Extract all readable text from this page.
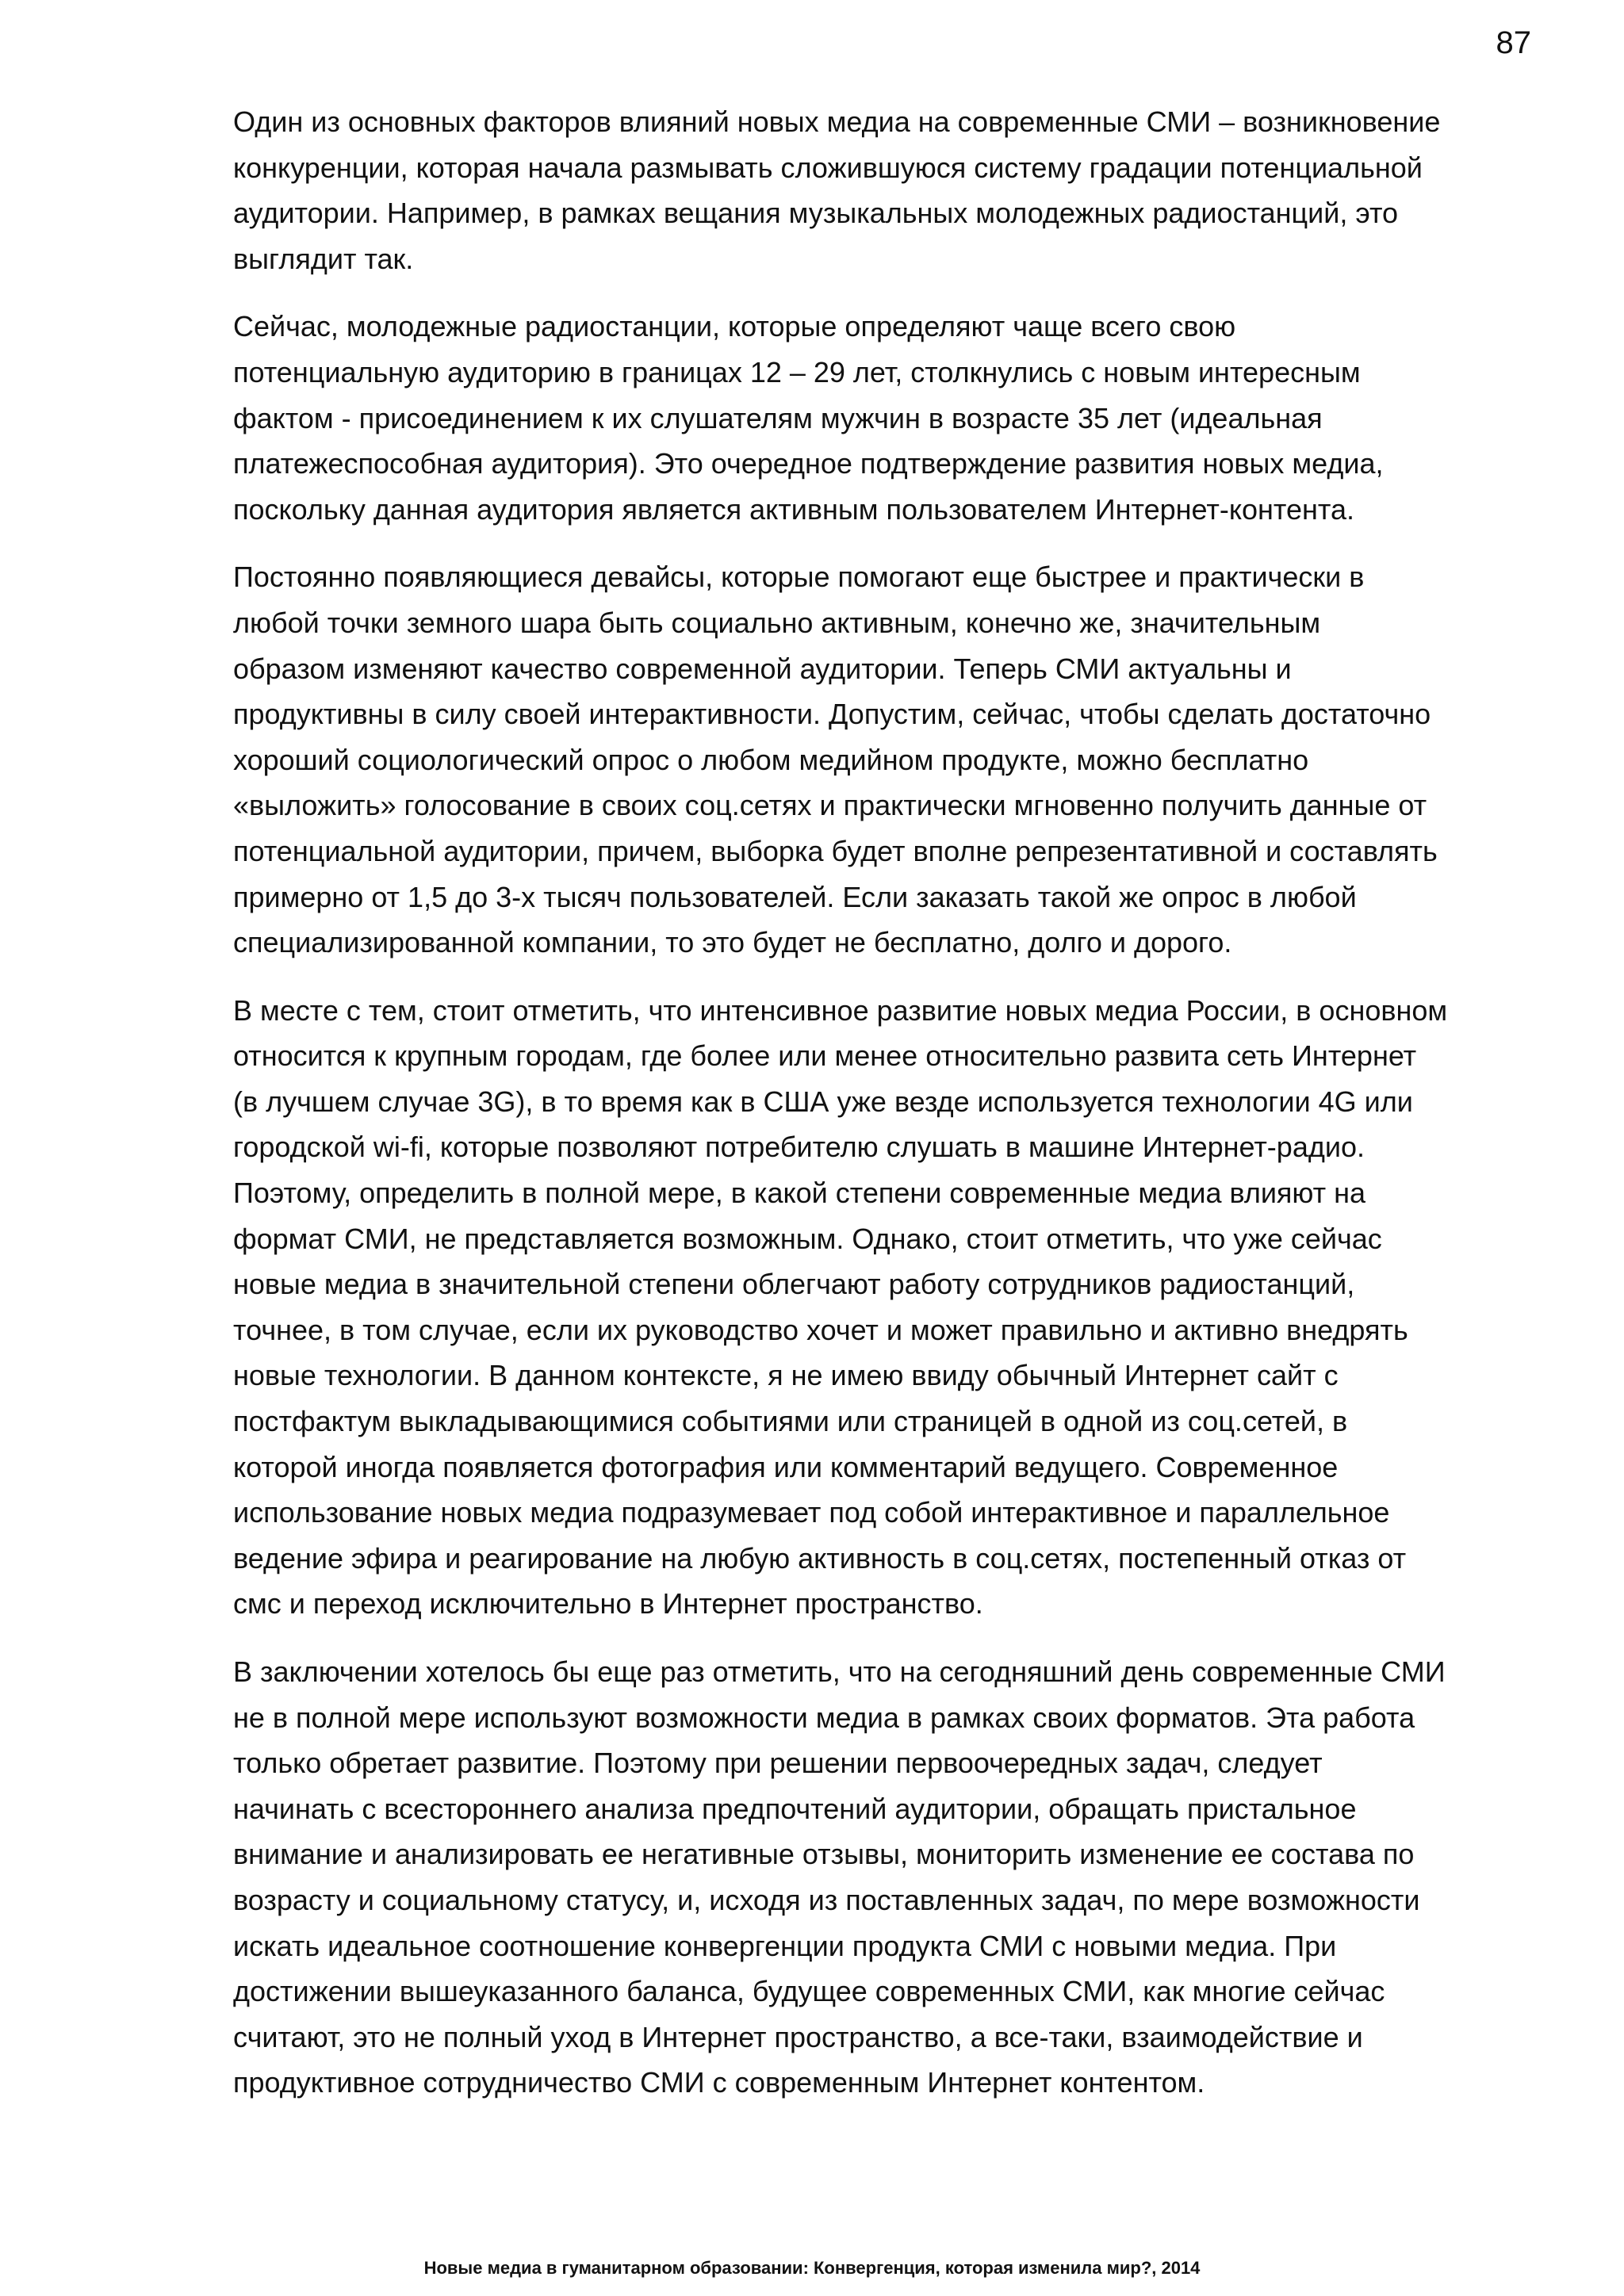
87

Один из основных факторов влияний новых медиа на современные СМИ – возникновение
конкуренции, которая начала размывать сложившуюся систему градации потенциальной
аудитории. Например, в рамках вещания музыкальных молодежных радиостанций, это
выглядит так.

Сейчас, молодежные радиостанции, которые определяют чаще всего свою
потенциальную аудиторию в границах 12 – 29 лет, столкнулись с новым интересным
фактом - присоединением к их слушателям мужчин в возрасте 35 лет (идеальная
платежеспособная аудитория). Это очередное подтверждение развития новых медиа,
поскольку данная аудитория является активным пользователем Интернет-контента.

Постоянно появляющиеся девайсы, которые помогают еще быстрее и практически в
любой точки земного шара быть социально активным, конечно же, значительным
образом изменяют качество современной аудитории. Теперь СМИ актуальны и
продуктивны в силу своей интерактивности. Допустим, сейчас, чтобы сделать достаточно
хороший социологический опрос о любом медийном продукте, можно бесплатно
«выложить» голосование в своих соц.сетях и практически мгновенно получить данные от
потенциальной аудитории, причем, выборка будет вполне репрезентативной и составлять
примерно от 1,5 до 3-х тысяч пользователей. Если заказать такой же опрос в любой
специализированной компании, то это будет не бесплатно, долго и дорого.

В месте с тем, стоит отметить, что интенсивное развитие новых медиа России, в основном
относится к крупным городам, где более или менее относительно развита сеть Интернет
(в лучшем случае 3G), в то время как в США уже везде используется технологии 4G или
городской wi-fi, которые позволяют потребителю слушать в машине Интернет-радио.
Поэтому, определить в полной мере, в какой степени современные медиа влияют на
формат СМИ, не представляется возможным. Однако, стоит отметить, что уже сейчас
новые медиа в значительной степени облегчают работу сотрудников радиостанций,
точнее, в том случае, если их руководство хочет и может правильно и активно внедрять
новые технологии. В данном контексте, я не имею ввиду обычный Интернет сайт с
постфактум выкладывающимися событиями или страницей в одной из соц.сетей, в
которой иногда появляется фотография или комментарий ведущего. Современное
использование новых медиа подразумевает под собой интерактивное и параллельное
ведение эфира и реагирование на любую активность в соц.сетях, постепенный отказ от
смс и переход исключительно в Интернет пространство.

В заключении хотелось бы еще раз отметить, что на сегодняшний день современные СМИ
не в полной мере используют возможности медиа в рамках своих форматов. Эта работа
только обретает развитие. Поэтому при решении первоочередных задач, следует
начинать с всестороннего анализа предпочтений аудитории, обращать пристальное
внимание и анализировать ее негативные отзывы, мониторить изменение ее состава по
возрасту и социальному статусу, и, исходя из поставленных задач, по мере возможности
искать идеальное соотношение конвергенции продукта СМИ с новыми медиа. При
достижении вышеуказанного баланса, будущее современных СМИ, как многие сейчас
считают, это не полный уход в Интернет пространство, а все-таки, взаимодействие и
продуктивное сотрудничество СМИ с современным Интернет контентом.

Новые медиа в гуманитарном образовании: Конвергенция, которая изменила мир?, 2014
